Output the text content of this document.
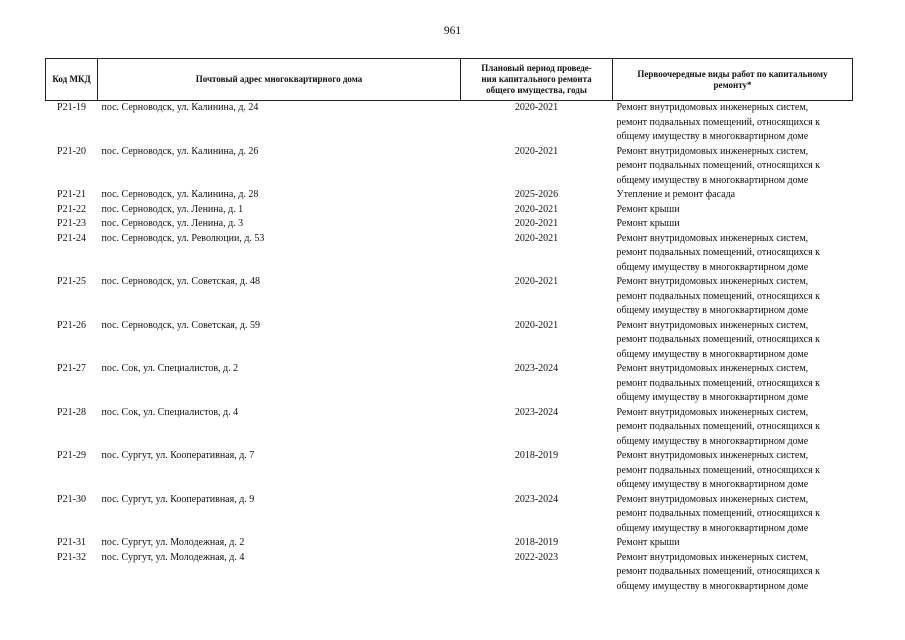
961
Код МКД	Почтовый адрес многоквартирного дома	Плановый период проведе-
ния капитального ремонта
общего имущества, годы	Первоочередные виды работ по капитальному
ремонту*
Р21-19	пос. Серноводск, ул. Калинина, д. 24	2020-2021	Ремонт внутридомовых инженерных систем,
ремонт подвальных помещений, относящихся к
общему имуществу в многоквартирном доме

Р21-20	пос. Серноводск, ул. Калинина, д. 26	2020-2021	Ремонт внутридомовых инженерных систем,
ремонт подвальных помещений, относящихся к
общему имуществу в многоквартирном доме

Р21-21	пос. Серноводск, ул. Калинина, д. 28	2025-2026	Утепление и ремонт фасада

Р21-22	пос. Серноводск, ул. Ленина, д. 1	2020-2021	Ремонт крыши

Р21-23	пос. Серноводск, ул. Ленина, д. 3	2020-2021	Ремонт крыши

Р21-24	пос. Серноводск, ул. Революции, д. 53	2020-2021	Ремонт внутридомовых инженерных систем,
ремонт подвальных помещений, относящихся к
общему имуществу в многоквартирном доме

Р21-25	пос. Серноводск, ул. Советская, д. 48	2020-2021	Ремонт внутридомовых инженерных систем,
ремонт подвальных помещений, относящихся к
общему имуществу в многоквартирном доме

Р21-26	пос. Серноводск, ул. Советская, д. 59	2020-2021	Ремонт внутридомовых инженерных систем,
ремонт подвальных помещений, относящихся к
общему имуществу в многоквартирном доме

Р21-27	пос. Сок, ул. Специалистов, д. 2	2023-2024	Ремонт внутридомовых инженерных систем,
ремонт подвальных помещений, относящихся к
общему имуществу в многоквартирном доме

Р21-28	пос. Сок, ул. Специалистов, д. 4	2023-2024	Ремонт внутридомовых инженерных систем,
ремонт подвальных помещений, относящихся к
общему имуществу в многоквартирном доме

Р21-29	пос. Сургут, ул. Кооперативная, д. 7	2018-2019	Ремонт внутридомовых инженерных систем,
ремонт подвальных помещений, относящихся к
общему имуществу в многоквартирном доме

Р21-30	пос. Сургут, ул. Кооперативная, д. 9	2023-2024	Ремонт внутридомовых инженерных систем,
ремонт подвальных помещений, относящихся к
общему имуществу в многоквартирном доме

Р21-31	пос. Сургут, ул. Молодежная, д. 2	2018-2019	Ремонт крыши

Р21-32	пос. Сургут, ул. Молодежная, д. 4	2022-2023	Ремонт внутридомовых инженерных систем,
ремонт подвальных помещений, относящихся к
общему имуществу в многоквартирном доме
